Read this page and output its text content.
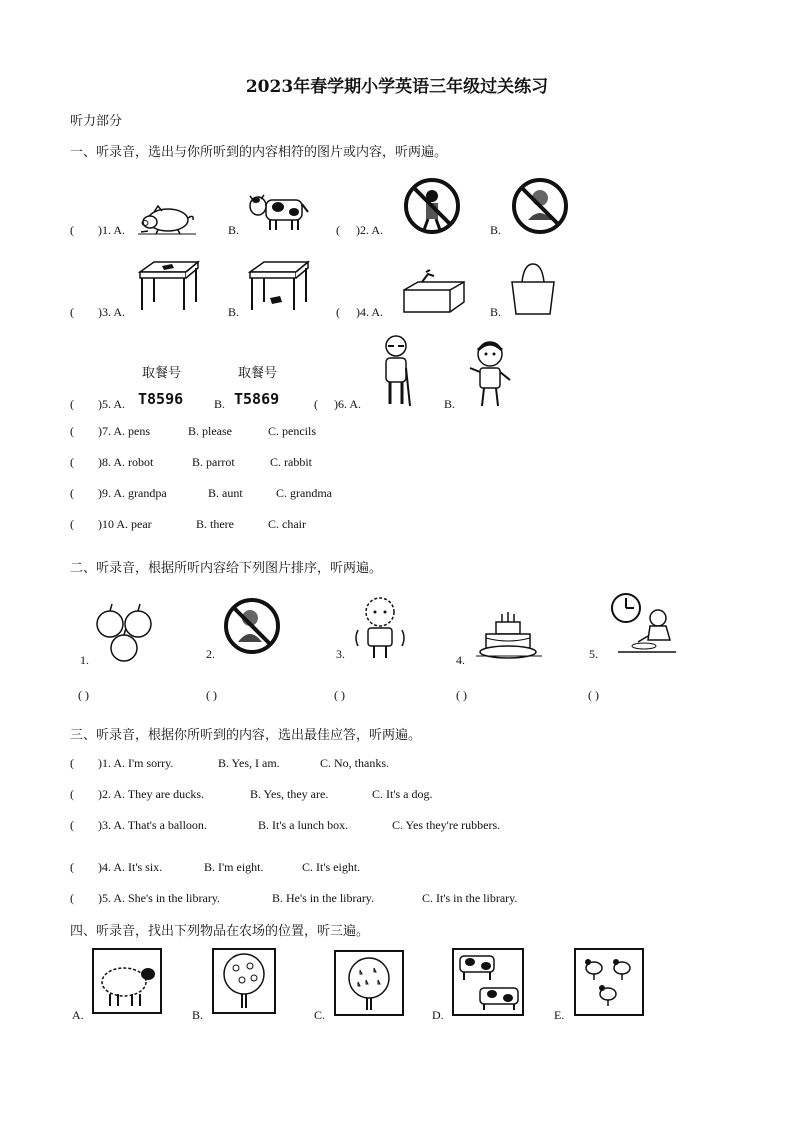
2023年春学期小学英语三年级过关练习
听力部分
一、听录音，选出与你所听到的内容相符的图片或内容，听两遍。
( )1. A.	B.	( )2. A.	B.
( )3. A.	B.	( )4. A.	B.
( )5. A.
取餐号
T8596	B.
取餐号
T5869	( )6. A.	B.
( )7. A. pens	B. please	C. pencils
( )8. A. robot	B. parrot	C. rabbit
( )9. A. grandpa	B. aunt	C. grandma
( )10 A. pear	B. there	C. chair
二、听录音，根据所听内容给下列图片排序，听两遍。
1.	2.	3.	4.	5.
( )	( )	( )	( )	( )
三、听录音，根据你所听到的内容，选出最佳应答，听两遍。
( )1. A. I'm sorry.	B. Yes, I am.	C. No, thanks.
( )2. A. They are ducks.	B. Yes, they are.	C. It's a dog.
( )3. A. That's a balloon.	B. It's a lunch box.	C. Yes they're rubbers.
( )4. A. It's six.	B. I'm eight.	C. It's eight.
( )5. A. She's in the library.	B. He's in the library.	C. It's in the library.
四、听录音，找出下列物品在农场的位置，听三遍。
A.	B.	C.	D.	E.
